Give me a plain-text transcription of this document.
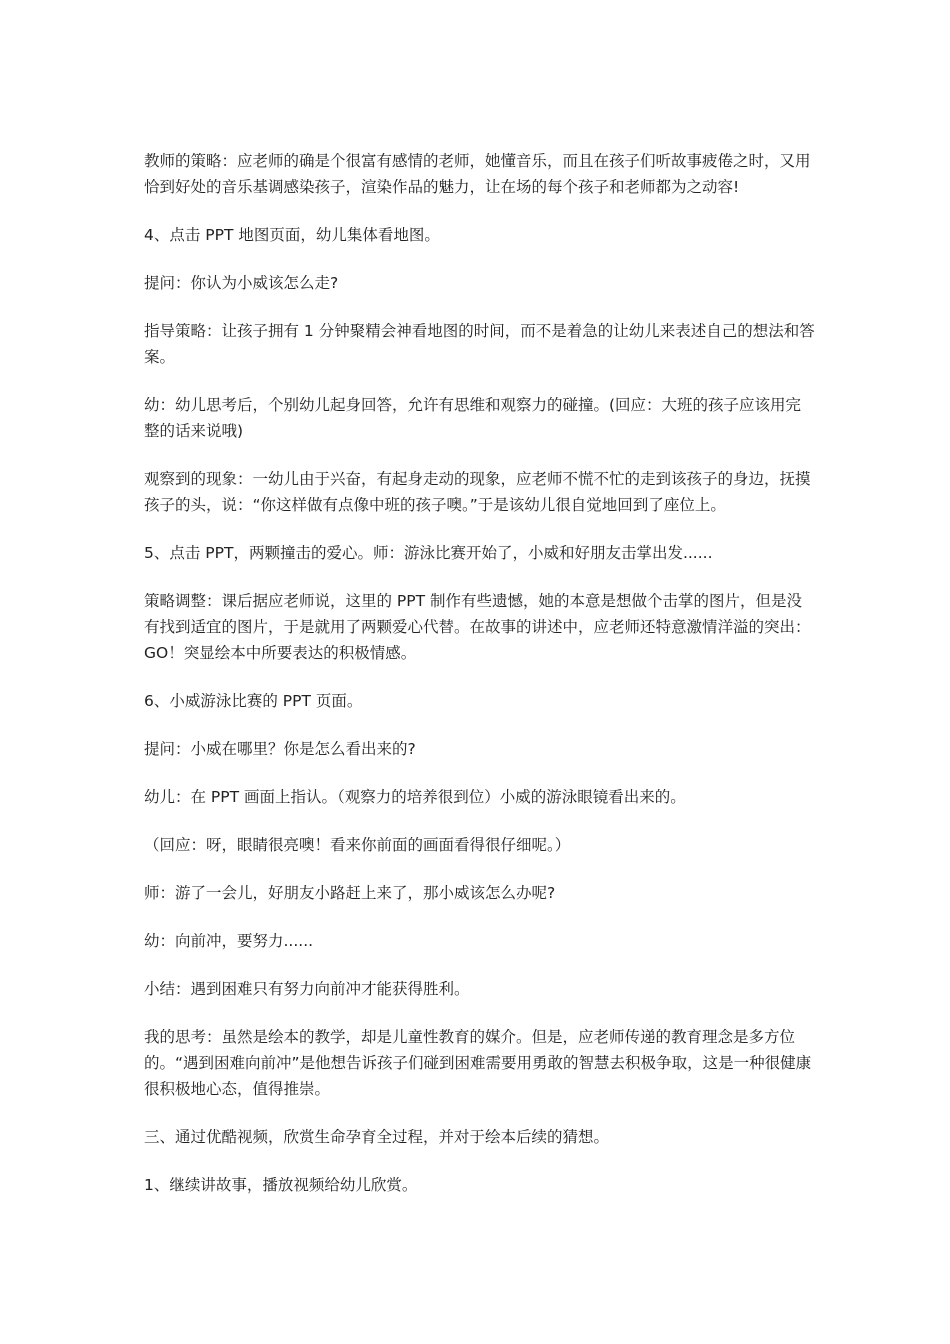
教师的策略：应老师的确是个很富有感情的老师，她懂音乐，而且在孩子们听故事疲倦之时，又用恰到好处的音乐基调感染孩子，渲染作品的魅力，让在场的每个孩子和老师都为之动容!

4、点击 PPT 地图页面，幼儿集体看地图。

提问：你认为小威该怎么走?

指导策略：让孩子拥有 1 分钟聚精会神看地图的时间，而不是着急的让幼儿来表述自己的想法和答案。

幼：幼儿思考后，个别幼儿起身回答，允许有思维和观察力的碰撞。(回应：大班的孩子应该用完整的话来说哦)

观察到的现象：一幼儿由于兴奋，有起身走动的现象，应老师不慌不忙的走到该孩子的身边，抚摸孩子的头，说：“你这样做有点像中班的孩子噢。”于是该幼儿很自觉地回到了座位上。

5、点击 PPT，两颗撞击的爱心。师：游泳比赛开始了，小威和好朋友击掌出发......

策略调整：课后据应老师说，这里的 PPT 制作有些遗憾，她的本意是想做个击掌的图片，但是没有找到适宜的图片，于是就用了两颗爱心代替。在故事的讲述中，应老师还特意激情洋溢的突出：GO！突显绘本中所要表达的积极情感。

6、小威游泳比赛的 PPT 页面。

提问：小威在哪里？你是怎么看出来的?

幼儿：在 PPT 画面上指认。（观察力的培养很到位）小威的游泳眼镜看出来的。

（回应：呀，眼睛很亮噢！看来你前面的画面看得很仔细呢。）

师：游了一会儿，好朋友小路赶上来了，那小威该怎么办呢?

幼：向前冲，要努力......

小结：遇到困难只有努力向前冲才能获得胜利。

我的思考：虽然是绘本的教学，却是儿童性教育的媒介。但是，应老师传递的教育理念是多方位的。“遇到困难向前冲”是他想告诉孩子们碰到困难需要用勇敢的智慧去积极争取，这是一种很健康很积极地心态，值得推崇。

三、通过优酷视频，欣赏生命孕育全过程，并对于绘本后续的猜想。

1、继续讲故事，播放视频给幼儿欣赏。
